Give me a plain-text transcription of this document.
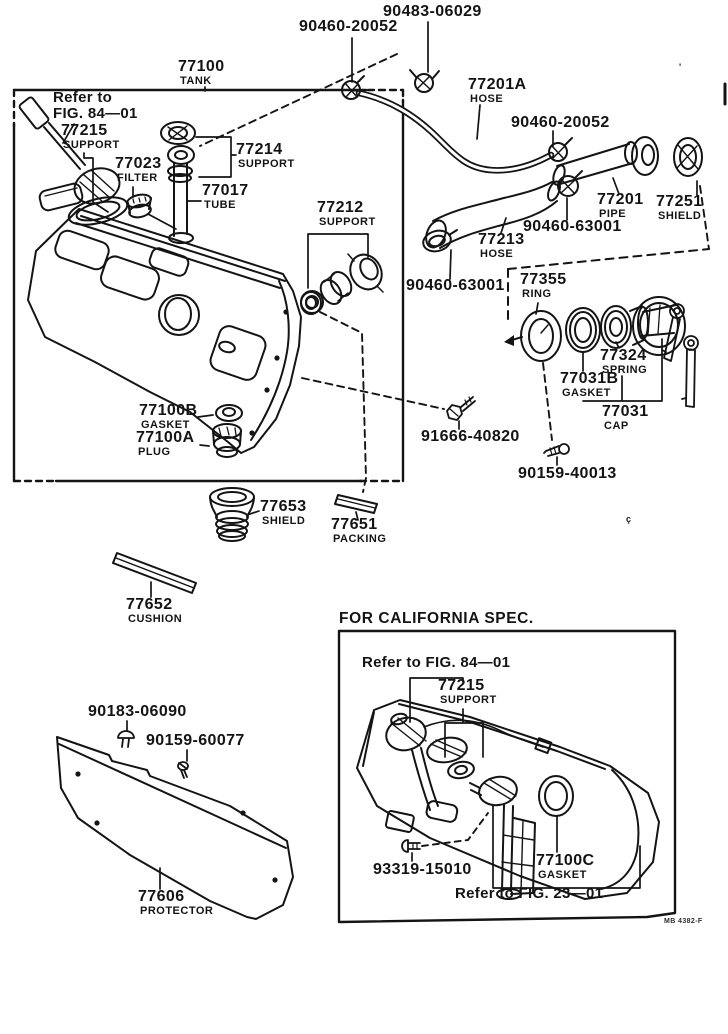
90483-06029
90460-20052
77100
TANK	77201A
HOSE
90460-20052
77201
PIPE
77251
SHIELD
90460-63001
77213
HOSE
90460-63001 77355
RING
77324
SPRING
77031B
GASKET
77031
CAP
91666-40820
90159-40013
Refer to
FIG. 84—01
77215
SUPPORT
77023
FILTER
77017
TUBE
77214
SUPPORT
77212
SUPPORT
77100B
GASKET
77100A
PLUG
77653
SHIELD 77651
PACKING
77652
CUSHION
90183-06090
90159-60077
77606
PROTECTOR
FOR CALIFORNIA SPEC.
Refer to FIG. 84—01
77215
SUPPORT
93319-15010
77100C
GASKET
Refer to FIG. 23—01
MB 4382-F
ç
'
